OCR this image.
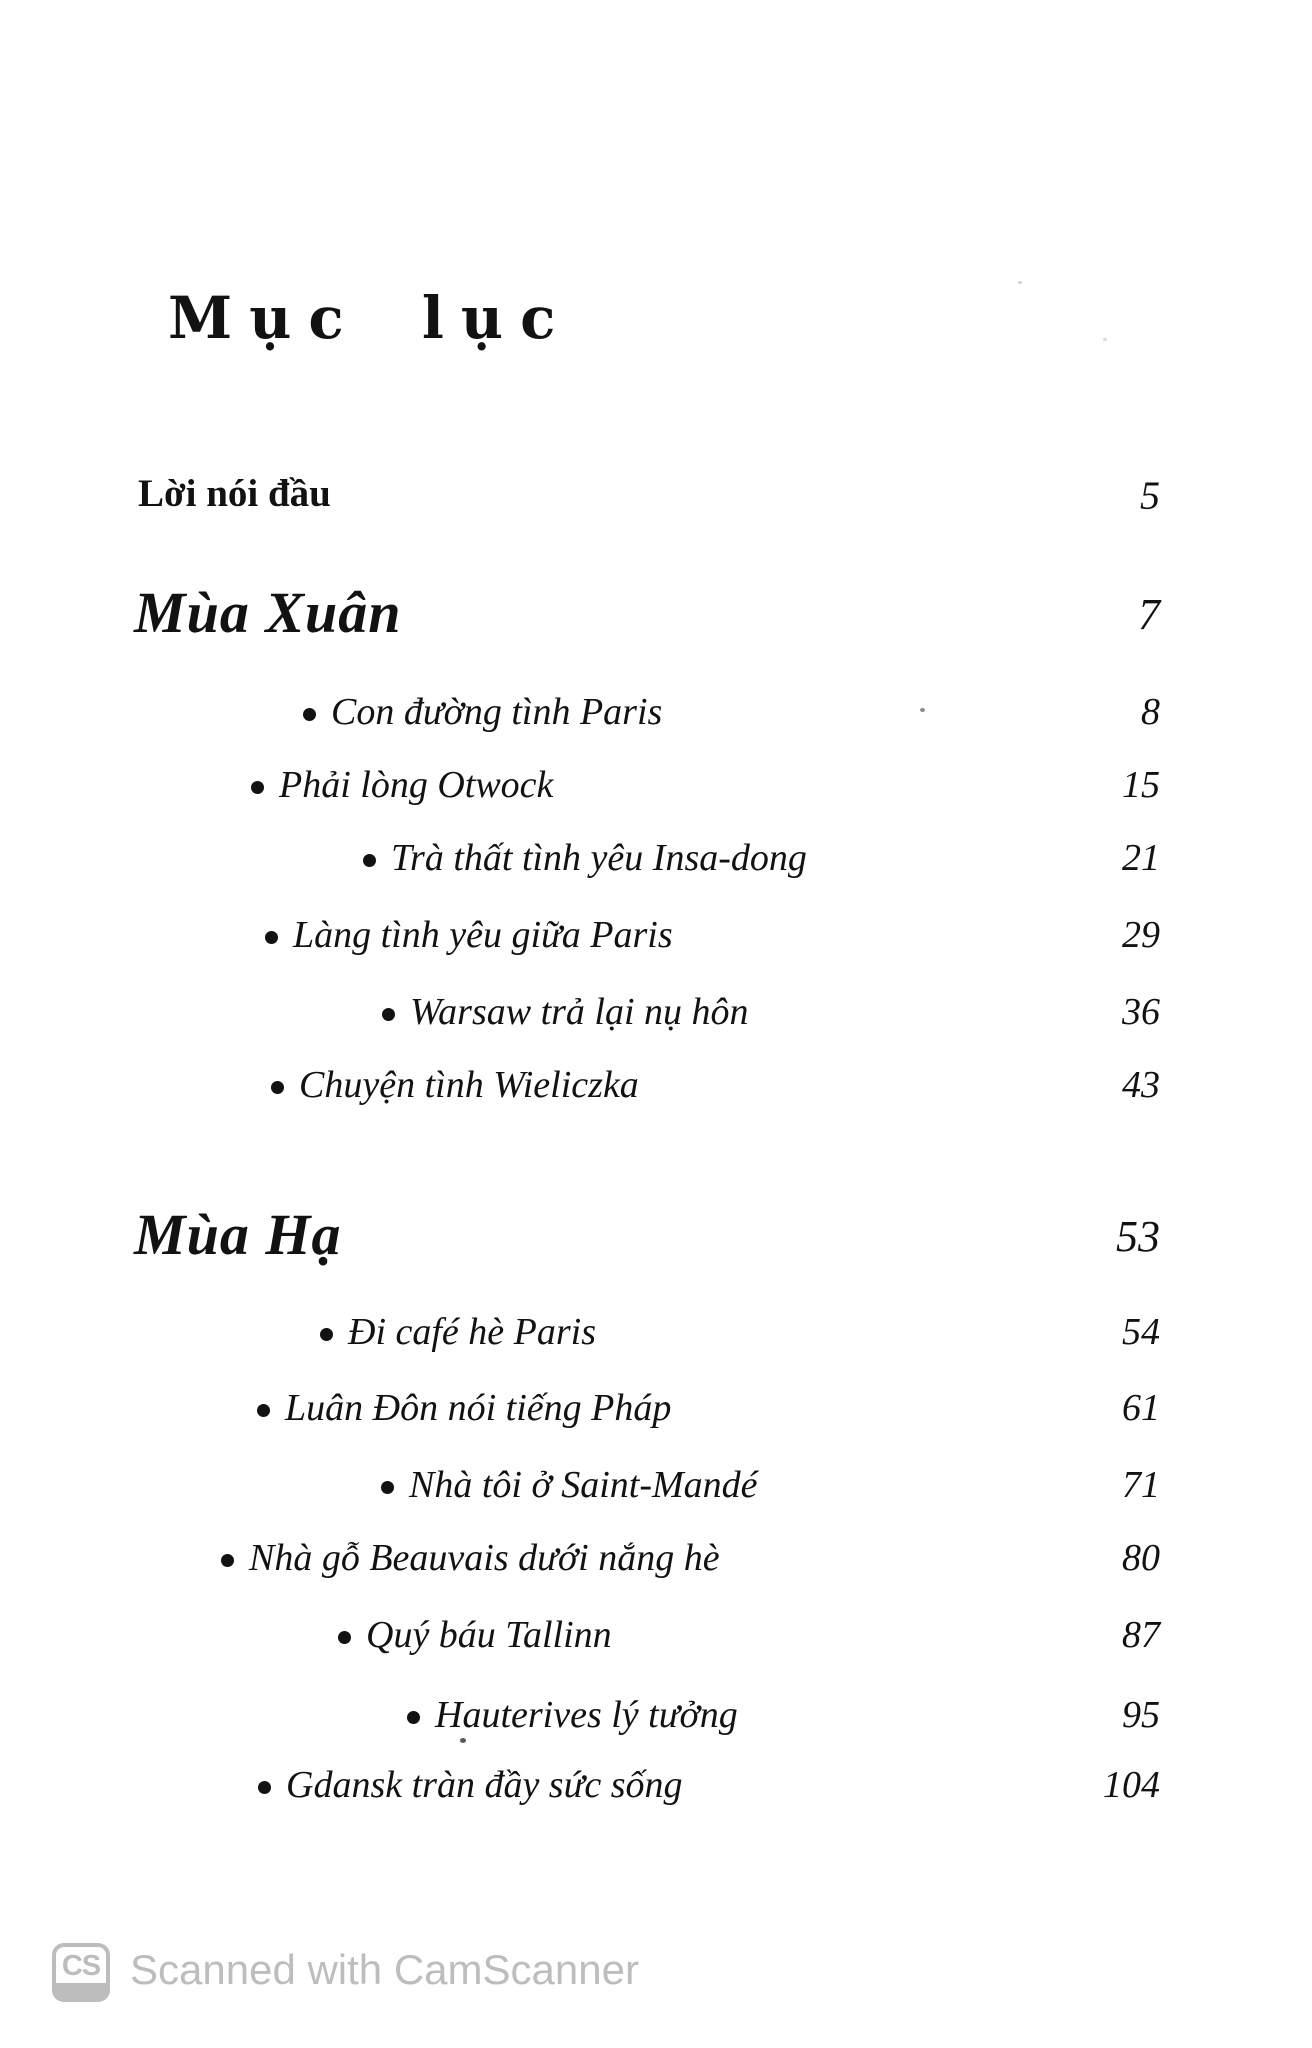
Mục lục
Lời nói đầu	5
Mùa Xuân	7
Con đường tình Paris	8
Phải lòng Otwock	15
Trà thất tình yêu Insa-dong	21
Làng tình yêu giữa Paris	29
Warsaw trả lại nụ hôn	36
Chuyện tình Wieliczka	43
Mùa Hạ	53
Đi café hè Paris	54
Luân Đôn nói tiếng Pháp	61
Nhà tôi ở Saint-Mandé	71
Nhà gỗ Beauvais dưới nắng hè	80
Quý báu Tallinn	87
Hauterives lý tưởng	95
Gdansk tràn đầy sức sống	104
CS Scanned with CamScanner
